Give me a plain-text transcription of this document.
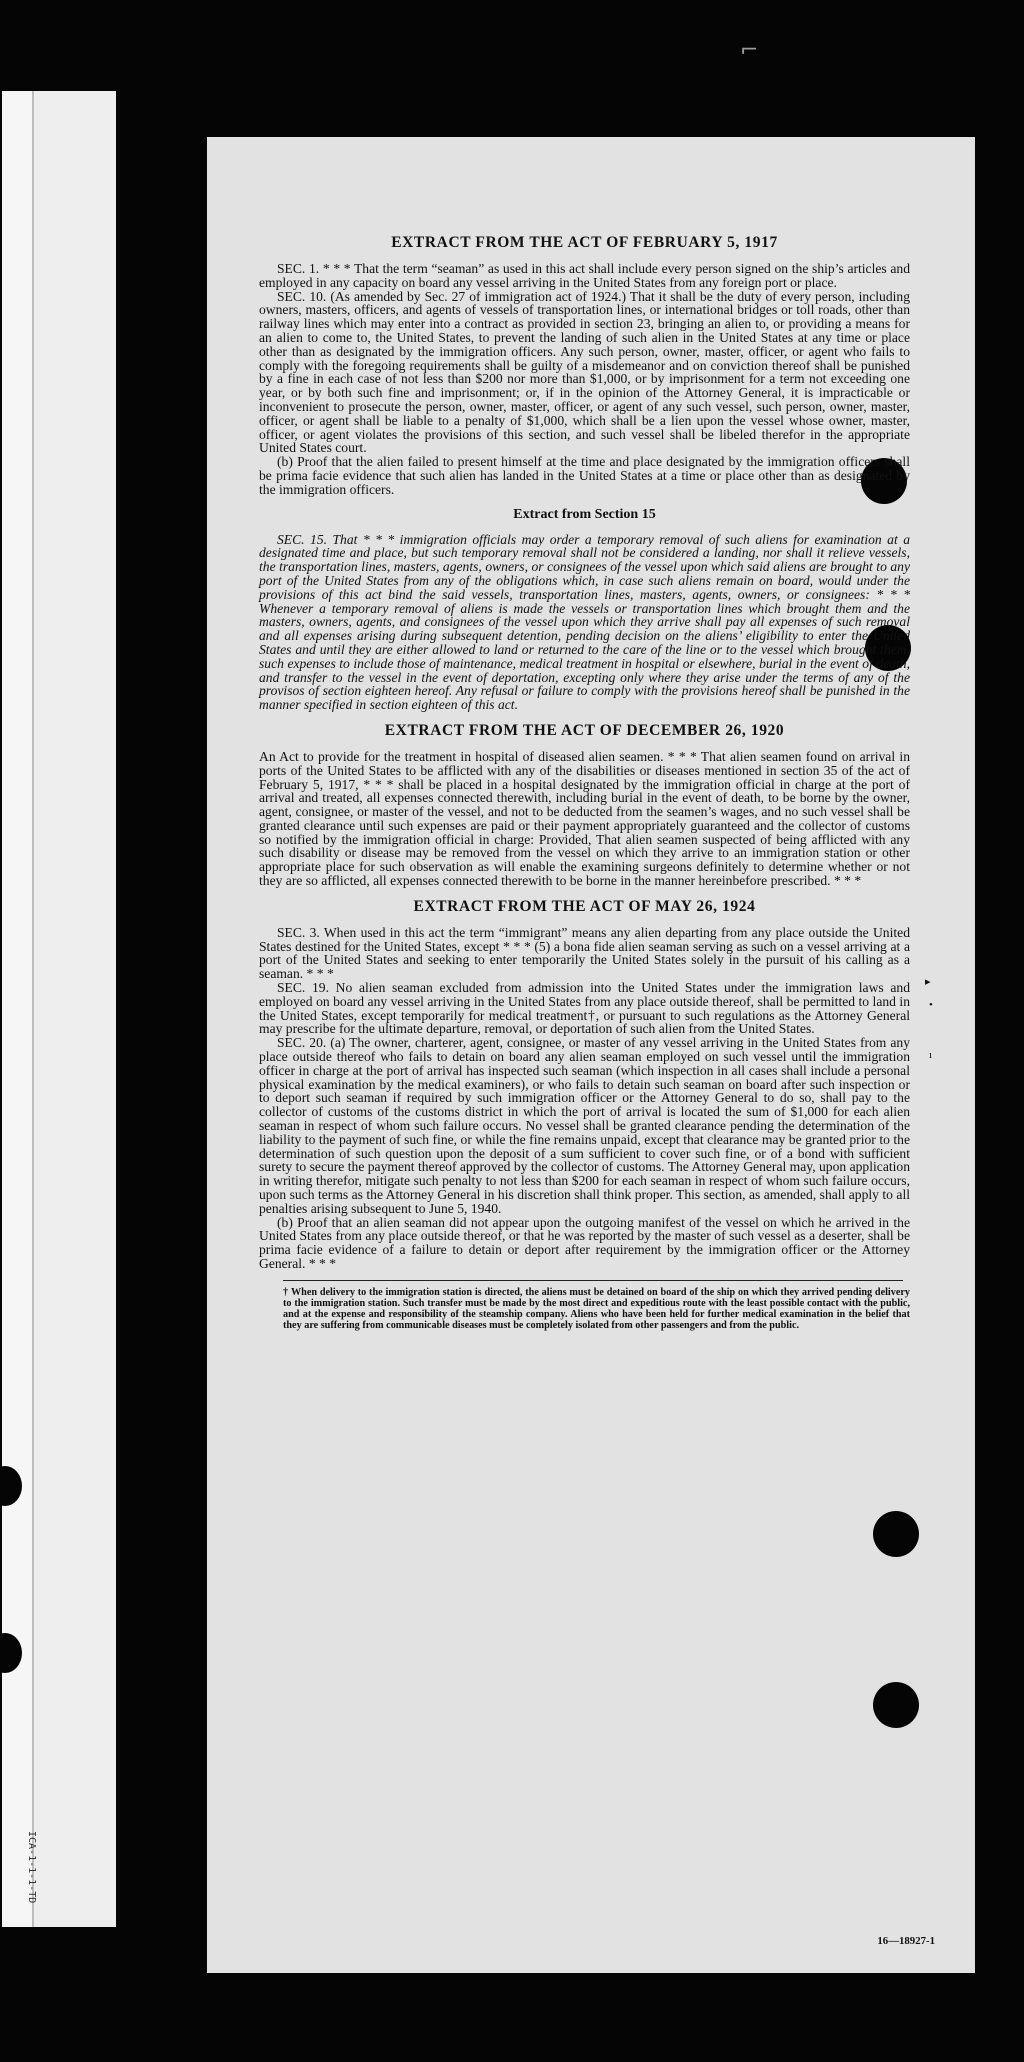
ICA-1-1-1-TD
⌐
▸
•
ı
EXTRACT FROM THE ACT OF FEBRUARY 5, 1917

SEC. 1. * * * That the term “seaman” as used in this act shall include every person signed on the ship’s articles and employed in any capacity on board any vessel arriving in the United States from any foreign port or place.

SEC. 10. (As amended by Sec. 27 of immigration act of 1924.) That it shall be the duty of every person, including owners, masters, officers, and agents of vessels of transportation lines, or international bridges or toll roads, other than railway lines which may enter into a contract as provided in section 23, bringing an alien to, or providing a means for an alien to come to, the United States, to prevent the landing of such alien in the United States at any time or place other than as designated by the immigration officers. Any such person, owner, master, officer, or agent who fails to comply with the foregoing requirements shall be guilty of a misdemeanor and on conviction thereof shall be punished by a fine in each case of not less than $200 nor more than $1,000, or by imprisonment for a term not exceeding one year, or by both such fine and imprisonment; or, if in the opinion of the Attorney General, it is impracticable or inconvenient to prosecute the person, owner, master, officer, or agent of any such vessel, such person, owner, master, officer, or agent shall be liable to a penalty of $1,000, which shall be a lien upon the vessel whose owner, master, officer, or agent violates the provisions of this section, and such vessel shall be libeled therefor in the appropriate United States court.

(b) Proof that the alien failed to present himself at the time and place designated by the immigration officers shall be prima facie evidence that such alien has landed in the United States at a time or place other than as designated by the immigration officers.

Extract from Section 15

SEC. 15. That * * * immigration officials may order a temporary removal of such aliens for examination at a designated time and place, but such temporary removal shall not be considered a landing, nor shall it relieve vessels, the transportation lines, masters, agents, owners, or consignees of the vessel upon which said aliens are brought to any port of the United States from any of the obligations which, in case such aliens remain on board, would under the provisions of this act bind the said vessels, transportation lines, masters, agents, owners, or consignees: * * * Whenever a temporary removal of aliens is made the vessels or transportation lines which brought them and the masters, owners, agents, and consignees of the vessel upon which they arrive shall pay all expenses of such removal and all expenses arising during subsequent detention, pending decision on the aliens’ eligibility to enter the United States and until they are either allowed to land or returned to the care of the line or to the vessel which brought them, such expenses to include those of maintenance, medical treatment in hospital or elsewhere, burial in the event of death, and transfer to the vessel in the event of deportation, excepting only where they arise under the terms of any of the provisos of section eighteen hereof. Any refusal or failure to comply with the provisions hereof shall be punished in the manner specified in section eighteen of this act.

EXTRACT FROM THE ACT OF DECEMBER 26, 1920

An Act to provide for the treatment in hospital of diseased alien seamen. * * * That alien seamen found on arrival in ports of the United States to be afflicted with any of the disabilities or diseases mentioned in section 35 of the act of February 5, 1917, * * * shall be placed in a hospital designated by the immigration official in charge at the port of arrival and treated, all expenses connected therewith, including burial in the event of death, to be borne by the owner, agent, consignee, or master of the vessel, and not to be deducted from the seamen’s wages, and no such vessel shall be granted clearance until such expenses are paid or their payment appropriately guaranteed and the collector of customs so notified by the immigration official in charge: Provided, That alien seamen suspected of being afflicted with any such disability or disease may be removed from the vessel on which they arrive to an immigration station or other appropriate place for such observation as will enable the examining surgeons definitely to determine whether or not they are so afflicted, all expenses connected therewith to be borne in the manner hereinbefore prescribed. * * *

EXTRACT FROM THE ACT OF MAY 26, 1924

SEC. 3. When used in this act the term “immigrant” means any alien departing from any place outside the United States destined for the United States, except * * * (5) a bona fide alien seaman serving as such on a vessel arriving at a port of the United States and seeking to enter temporarily the United States solely in the pursuit of his calling as a seaman. * * *

SEC. 19. No alien seaman excluded from admission into the United States under the immigration laws and employed on board any vessel arriving in the United States from any place outside thereof, shall be permitted to land in the United States, except temporarily for medical treatment†, or pursuant to such regulations as the Attorney General may prescribe for the ultimate departure, removal, or deportation of such alien from the United States.

SEC. 20. (a) The owner, charterer, agent, consignee, or master of any vessel arriving in the United States from any place outside thereof who fails to detain on board any alien seaman employed on such vessel until the immigration officer in charge at the port of arrival has inspected such seaman (which inspection in all cases shall include a personal physical examination by the medical examiners), or who fails to detain such seaman on board after such inspection or to deport such seaman if required by such immigration officer or the Attorney General to do so, shall pay to the collector of customs of the customs district in which the port of arrival is located the sum of $1,000 for each alien seaman in respect of whom such failure occurs. No vessel shall be granted clearance pending the determination of the liability to the payment of such fine, or while the fine remains unpaid, except that clearance may be granted prior to the determination of such question upon the deposit of a sum sufficient to cover such fine, or of a bond with sufficient surety to secure the payment thereof approved by the collector of customs. The Attorney General may, upon application in writing therefor, mitigate such penalty to not less than $200 for each seaman in respect of whom such failure occurs, upon such terms as the Attorney General in his discretion shall think proper. This section, as amended, shall apply to all penalties arising subsequent to June 5, 1940.

(b) Proof that an alien seaman did not appear upon the outgoing manifest of the vessel on which he arrived in the United States from any place outside thereof, or that he was reported by the master of such vessel as a deserter, shall be prima facie evidence of a failure to detain or deport after requirement by the immigration officer or the Attorney General. * * *

† When delivery to the immigration station is directed, the aliens must be detained on board of the ship on which they arrived pending delivery to the immigration station. Such transfer must be made by the most direct and expeditious route with the least possible contact with the public, and at the expense and responsibility of the steamship company. Aliens who have been held for further medical examination in the belief that they are suffering from communicable diseases must be completely isolated from other passengers and from the public.
16—18927-1
